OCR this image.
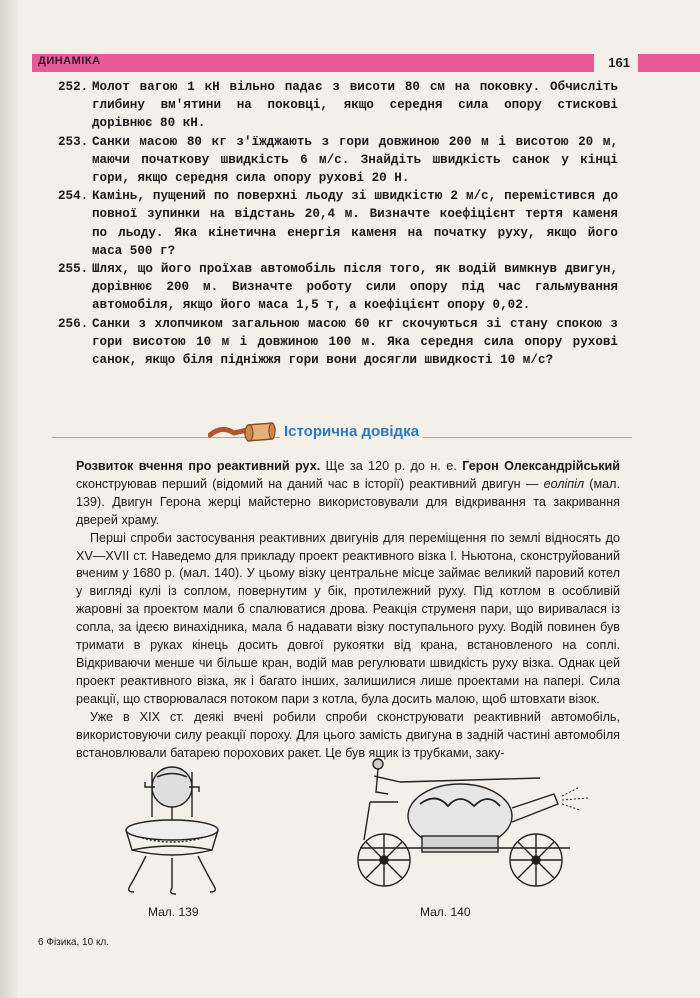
ДИНАМІКА	161
252. Молот вагою 1 кН вільно падає з висоти 80 см на поковку. Обчисліть глибину вм'ятини на поковці, якщо середня сила опору стискові дорівнює 80 кН.
253. Санки масою 80 кг з'їжджають з гори довжиною 200 м і висотою 20 м, маючи початкову швидкість 6 м/с. Знайдіть швидкість санок у кінці гори, якщо середня сила опору рухові 20 Н.
254. Камінь, пущений по поверхні льоду зі швидкістю 2 м/с, перемістився до повної зупинки на відстань 20,4 м. Визначте коефіцієнт тертя каменя по льоду. Яка кінетична енергія каменя на початку руху, якщо його маса 500 г?
255. Шлях, що його проїхав автомобіль після того, як водій вимкнув двигун, дорівнює 200 м. Визначте роботу сили опору під час гальмування автомобіля, якщо його маса 1,5 т, а коефіцієнт опору 0,02.
256. Санки з хлопчиком загальною масою 60 кг скочуються зі стану спокою з гори висотою 10 м і довжиною 100 м. Яка середня сила опору рухові санок, якщо біля підніжжя гори вони досягли швидкості 10 м/с?
Історична довідка

Розвиток вчення про реактивний рух. Ще за 120 р. до н. е. Герон Олександрійський сконструював перший (відомий на даний час в історії) реактивний двигун — еоліпіл (мал. 139). Двигун Герона жерці майстерно використовували для відкривання та закривання дверей храму.

Перші спроби застосування реактивних двигунів для переміщення по землі відносять до XV—XVII ст. Наведемо для прикладу проект реактивного візка І. Ньютона, сконструйований вченим у 1680 р. (мал. 140). У цьому візку центральне місце займає великий паровий котел у вигляді кулі із соплом, повернутим у бік, протилежний руху. Під котлом в особливій жаровні за проектом мали б спалюватися дрова. Реакція струменя пари, що виривалася із сопла, за ідеєю винахідника, мала б надавати візку поступального руху. Водій повинен був тримати в руках кінець досить довгої рукоятки від крана, встановленого на соплі. Відкриваючи менше чи більше кран, водій мав регулювати швидкість руху візка. Однак цей проект реактивного візка, як і багато інших, залишилися лише проектами на папері. Сила реакції, що створювалася потоком пари з котла, була досить малою, щоб штовхати візок.

Уже в XIX ст. деякі вчені робили спроби сконструювати реактивний автомобіль, використовуючи силу реакції пороху. Для цього замість двигуна в задній частині автомобіля встановлювали батарею порохових ракет. Це був ящик із трубками, заку-

Мал. 139	Мал. 140
6 Фізика, 10 кл.
